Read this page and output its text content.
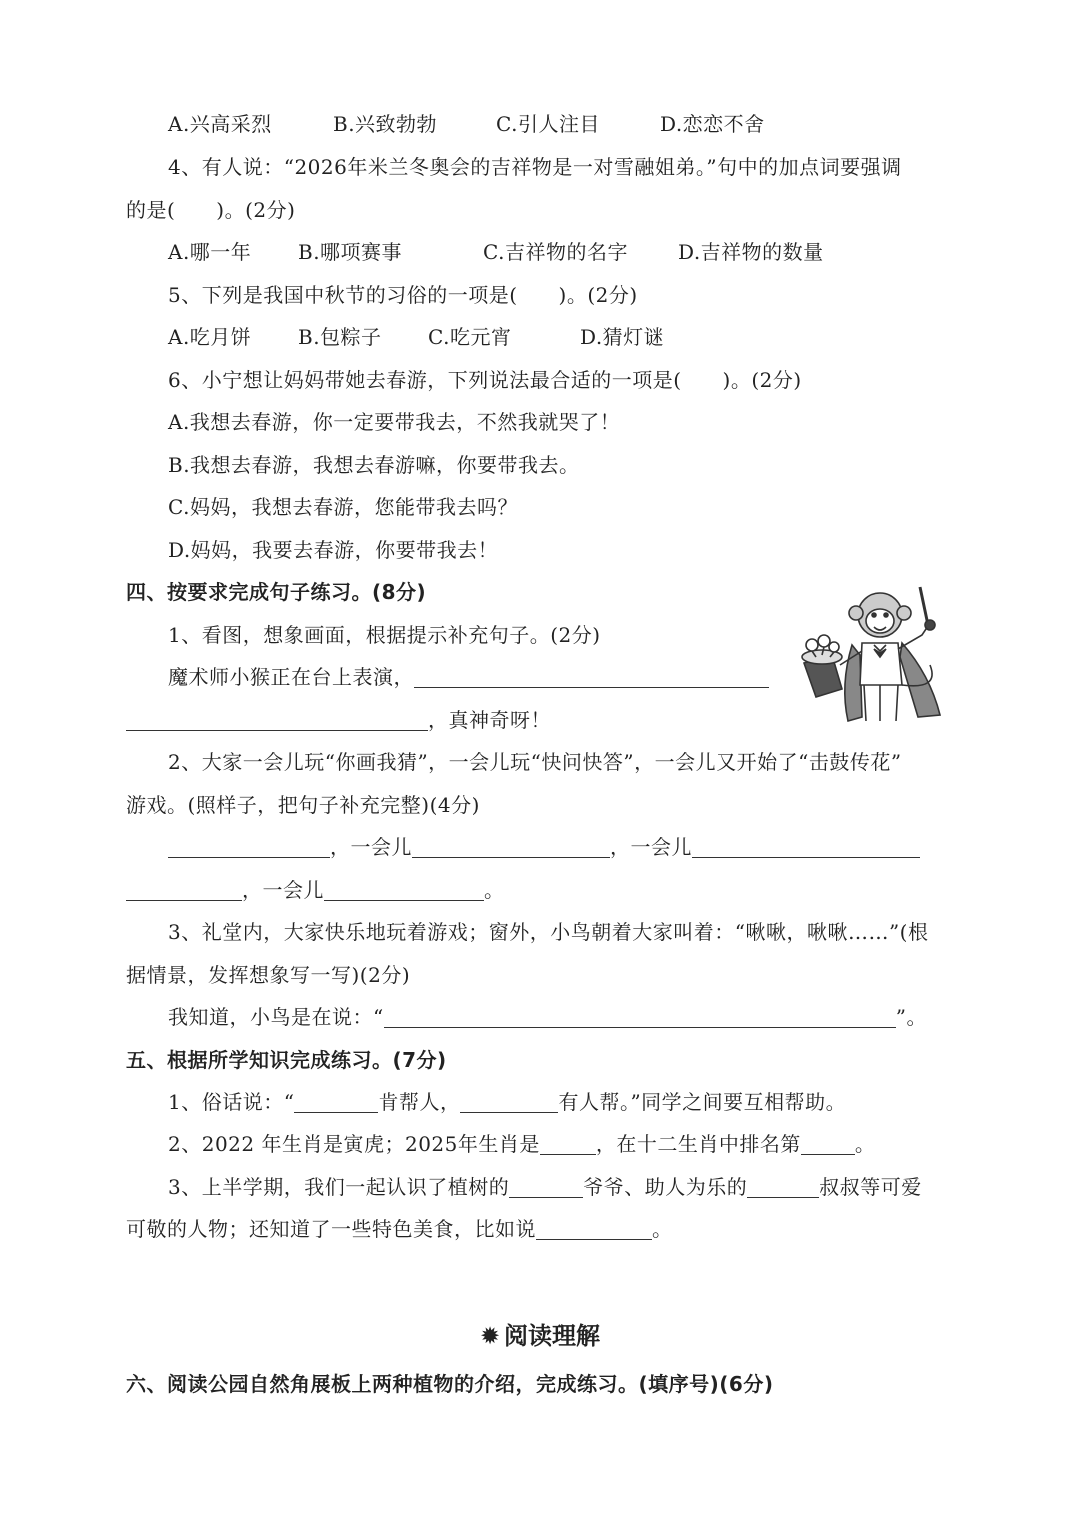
A.兴高采烈	B.兴致勃勃	C.引人注目	D.恋恋不舍
4、有人说：“2026年米兰冬奥会的吉祥物是一对雪融姐弟。”句中的加点词要强调
的是(　　)。(2分)
A.哪一年 B.哪项赛事	C.吉祥物的名字	D.吉祥物的数量
5、下列是我国中秋节的习俗的一项是(　　)。(2分)
A.吃月饼 B.包粽子 C.吃元宵	D.猜灯谜
6、小宁想让妈妈带她去春游，下列说法最合适的一项是(　　)。(2分)
A.我想去春游，你一定要带我去，不然我就哭了！
B.我想去春游，我想去春游嘛，你要带我去。
C.妈妈，我想去春游，您能带我去吗？
D.妈妈，我要去春游，你要带我去！
四、按要求完成句子练习。(8分)
1、看图，想象画面，根据提示补充句子。(2分)
魔术师小猴正在台上表演，
，真神奇呀！
2、大家一会儿玩“你画我猜”，一会儿玩“快问快答”，一会儿又开始了“击鼓传花”
游戏。(照样子，把句子补充完整)(4分)
，一会儿	，一会儿
，一会儿	。
3、礼堂内，大家快乐地玩着游戏；窗外，小鸟朝着大家叫着：“啾啾，啾啾……”(根
据情景，发挥想象写一写)(2分)
我知道，小鸟是在说：“	”。
五、根据所学知识完成练习。(7分)
1、俗话说：“	肯帮人，	有人帮。”同学之间要互相帮助。
2、2022 年生肖是寅虎；2025年生肖是	，在十二生肖中排名第	。
3、上半学期，我们一起认识了植树的	爷爷、助人为乐的	叔叔等可爱
可敬的人物；还知道了一些特色美食，比如说	。
✹ 阅读理解
六、阅读公园自然角展板上两种植物的介绍，完成练习。(填序号)(6分)
